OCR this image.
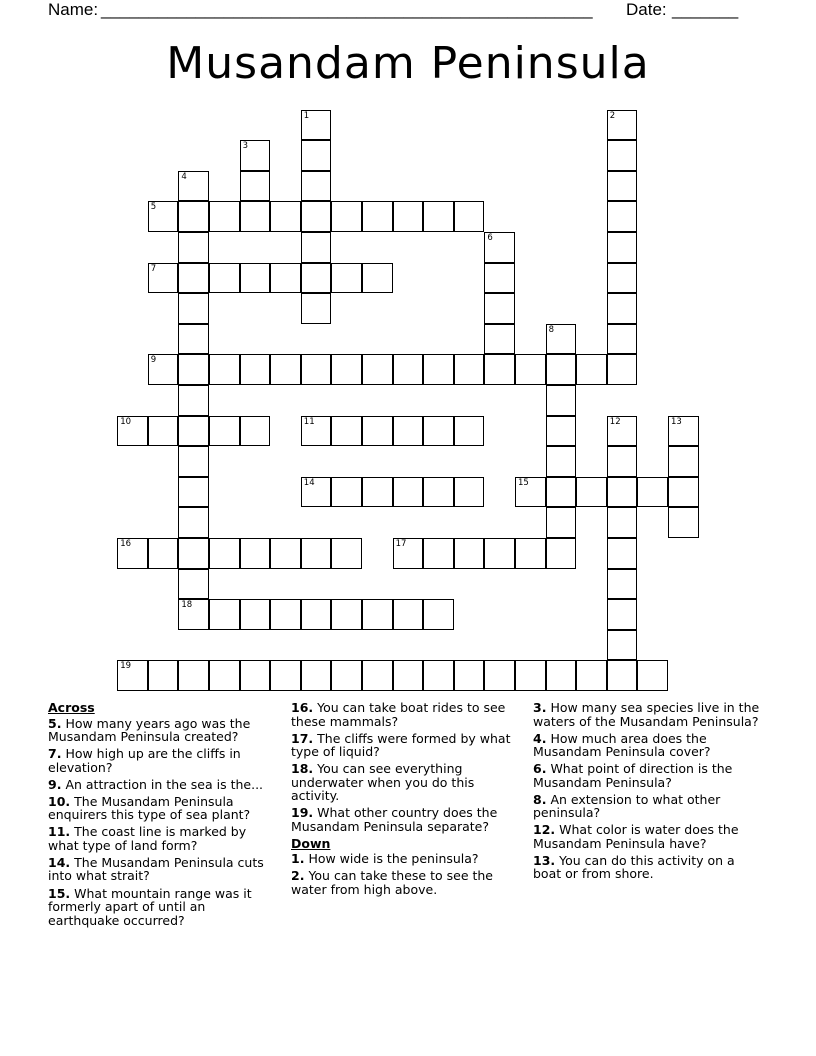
Name: ____________________________________________________ Date: _______
Musandam Peninsula
1	2
3
4
18
5
6
7
8
9
10	11	12	13
14	15
16	17
19
Across
5. How many years ago was the Musandam Peninsula created?
7. How high up are the cliffs in elevation?
9. An attraction in the sea is the...
10. The Musandam Peninsula enquirers this type of sea plant?
11. The coast line is marked by what type of land form?
14. The Musandam Peninsula cuts into what strait?
15. What mountain range was it formerly apart of until an earthquake occurred?
16. You can take boat rides to see these mammals?
17. The cliffs were formed by what type of liquid?
18. You can see everything underwater when you do this activity.
19. What other country does the Musandam Peninsula separate?
Down
1. How wide is the peninsula?
2. You can take these to see the water from high above.
3. How many sea species live in the waters of the Musandam Peninsula?
4. How much area does the Musandam Peninsula cover?
6. What point of direction is the Musandam Peninsula?
8. An extension to what other peninsula?
12. What color is water does the Musandam Peninsula have?
13. You can do this activity on a boat or from shore.
